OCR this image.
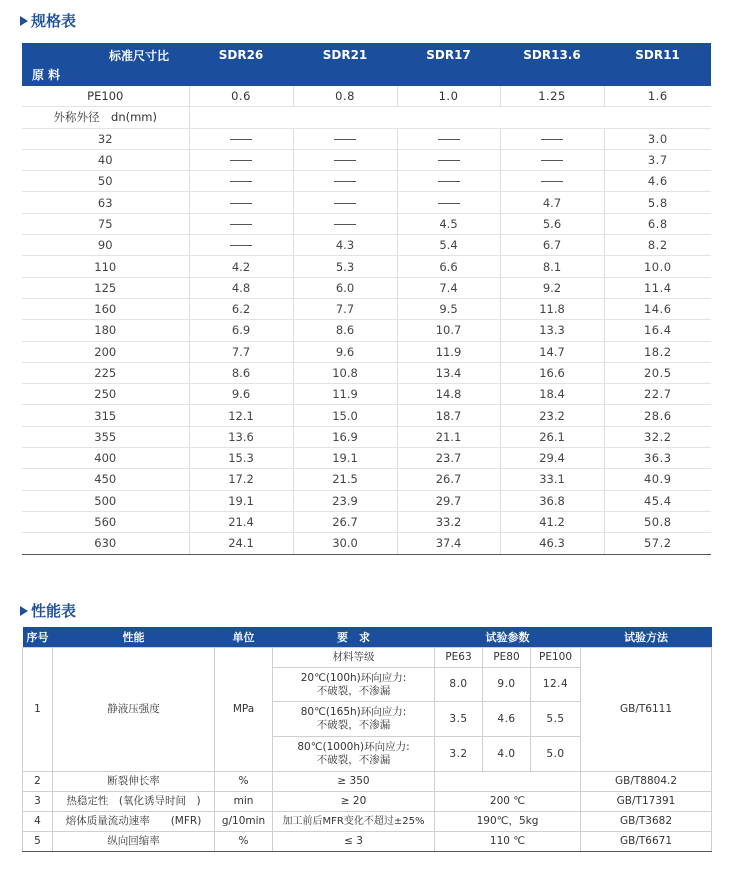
规格表
标准尺寸比
原 料	SDR26	SDR21	SDR17	SDR13.6	SDR11

PE100	0.6	0.8	1.0	1.25	1.6
外称外径　dn(mm)					
32					3.0
40					3.7
50					4.6
63				4.7	5.8
75			4.5	5.6	6.8
90		4.3	5.4	6.7	8.2
110	4.2	5.3	6.6	8.1	10.0
125	4.8	6.0	7.4	9.2	11.4
160	6.2	7.7	9.5	11.8	14.6
180	6.9	8.6	10.7	13.3	16.4
200	7.7	9.6	11.9	14.7	18.2
225	8.6	10.8	13.4	16.6	20.5
250	9.6	11.9	14.8	18.4	22.7
315	12.1	15.0	18.7	23.2	28.6
355	13.6	16.9	21.1	26.1	32.2
400	15.3	19.1	23.7	29.4	36.3
450	17.2	21.5	26.7	33.1	40.9
500	19.1	23.9	29.7	36.8	45.4
560	21.4	26.7	33.2	41.2	50.8
630	24.1	30.0	37.4	46.3	57.2
性能表
序号	性能	单位	要　求	试验参数			试验方法
1	静液压强度	MPa	材料等级	PE63	PE80	PE100	GB/T6111

			20℃(100h)环向应力:
不破裂，不渗漏	8.0	9.0	12.4	

			80℃(165h)环向应力:
不破裂，不渗漏	3.5	4.6	5.5	

			80℃(1000h)环向应力:
不破裂，不渗漏	3.2	4.0	5.0	
2	断裂伸长率	%	≥ 350				GB/T8804.2
3	热稳定性　(氧化诱导时间　)	min	≥ 20	200 ℃			GB/T17391
4	熔体质量流动速率　　(MFR)	g/10min	加工前后MFR变化不超过±25%	190℃，5kg			GB/T3682
5	纵向回缩率	%	≤ 3	110 ℃			GB/T6671
